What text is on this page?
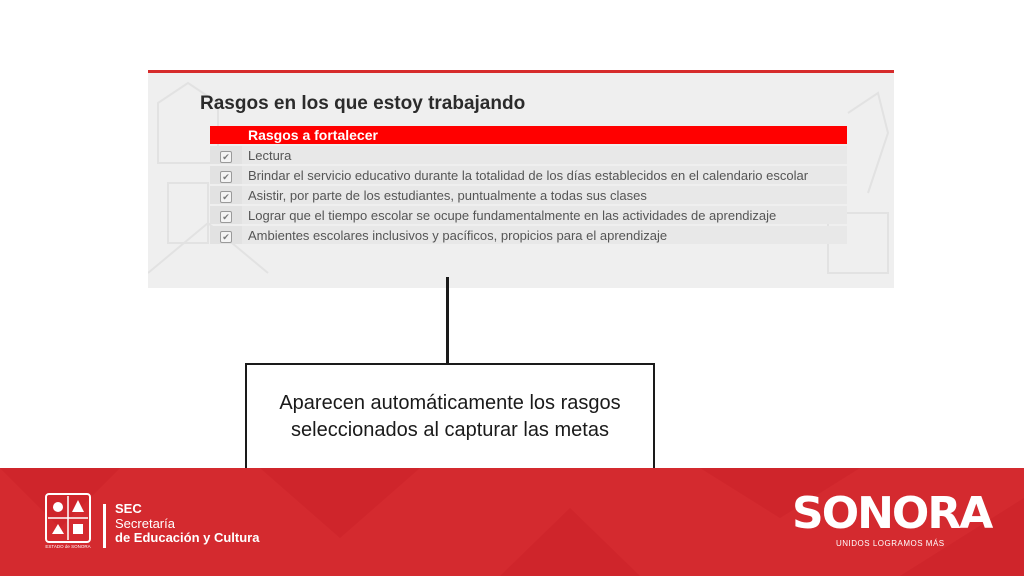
Rasgos en los que estoy trabajando
	Rasgos a fortalecer
✔	Lectura
✔	Brindar el servicio educativo durante la totalidad de los días establecidos en el calendario escolar
✔	Asistir, por parte de los estudiantes, puntualmente a todas sus clases
✔	Lograr que el tiempo escolar se ocupe fundamentalmente en las actividades de aprendizaje
✔	Ambientes escolares inclusivos y pacíficos, propicios para el aprendizaje
Aparecen automáticamente los rasgos seleccionados al capturar las metas
ESTADO de SONORA
SEC
Secretaría
de Educación y Cultura	SONORA
UNIDOS LOGRAMOS MÁS
